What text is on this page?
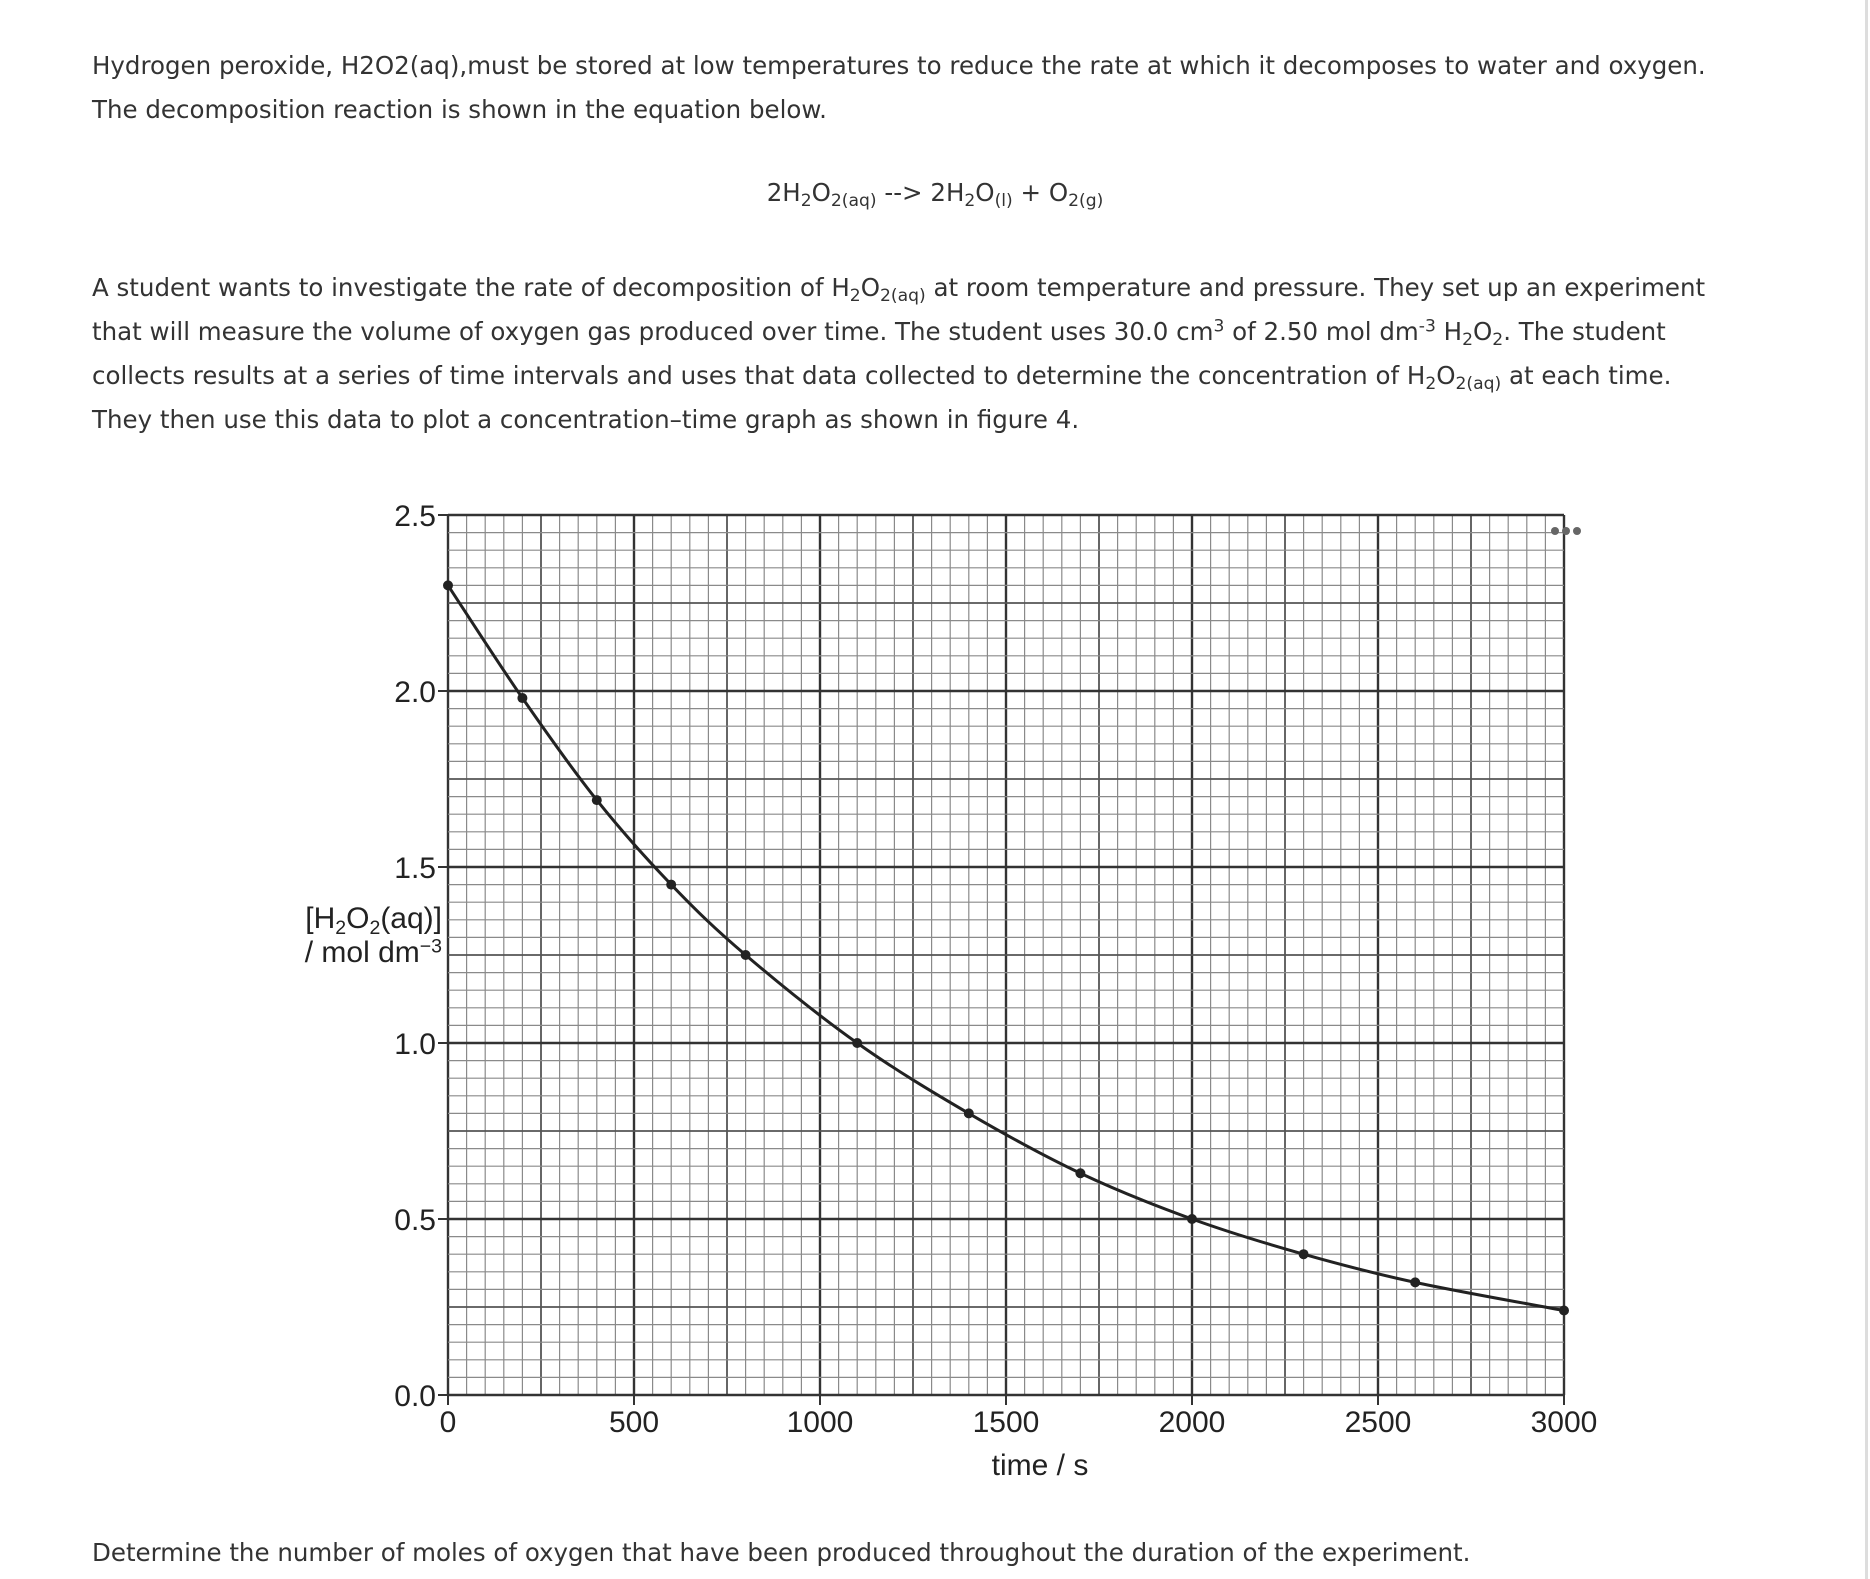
Hydrogen peroxide, H2O2(aq),must be stored at low temperatures to reduce the rate at which it decomposes to water and oxygen.
The decomposition reaction is shown in the equation below.
$2H_2O_{2(aq)}$ --> $2H_2O_{(l)} + O_{2(g)}$
A student wants to investigate the rate of decomposition of $H_2O_{2(aq)}$ at room temperature and pressure. They set up an experiment
that will measure the volume of oxygen gas produced over time. The student uses 30.0 $cm^3$ of 2.50 mol $dm^{-3}$ $H_2O_2$. The student
collects results at a series of time intervals and uses that data collected to determine the concentration of $H_2O_{2(aq)}$ at each time.
They then use this data to plot a concentration–time graph as shown in figure 4.
0	500	1000	1500	2000	2500	3000
0.0
0.5
1.0
1.5
2.0
2.5
time / s
$[H_2O_2(aq)]$
/ mol $dm^{-3}$
Determine the number of moles of oxygen that have been produced throughout the duration of the experiment.
